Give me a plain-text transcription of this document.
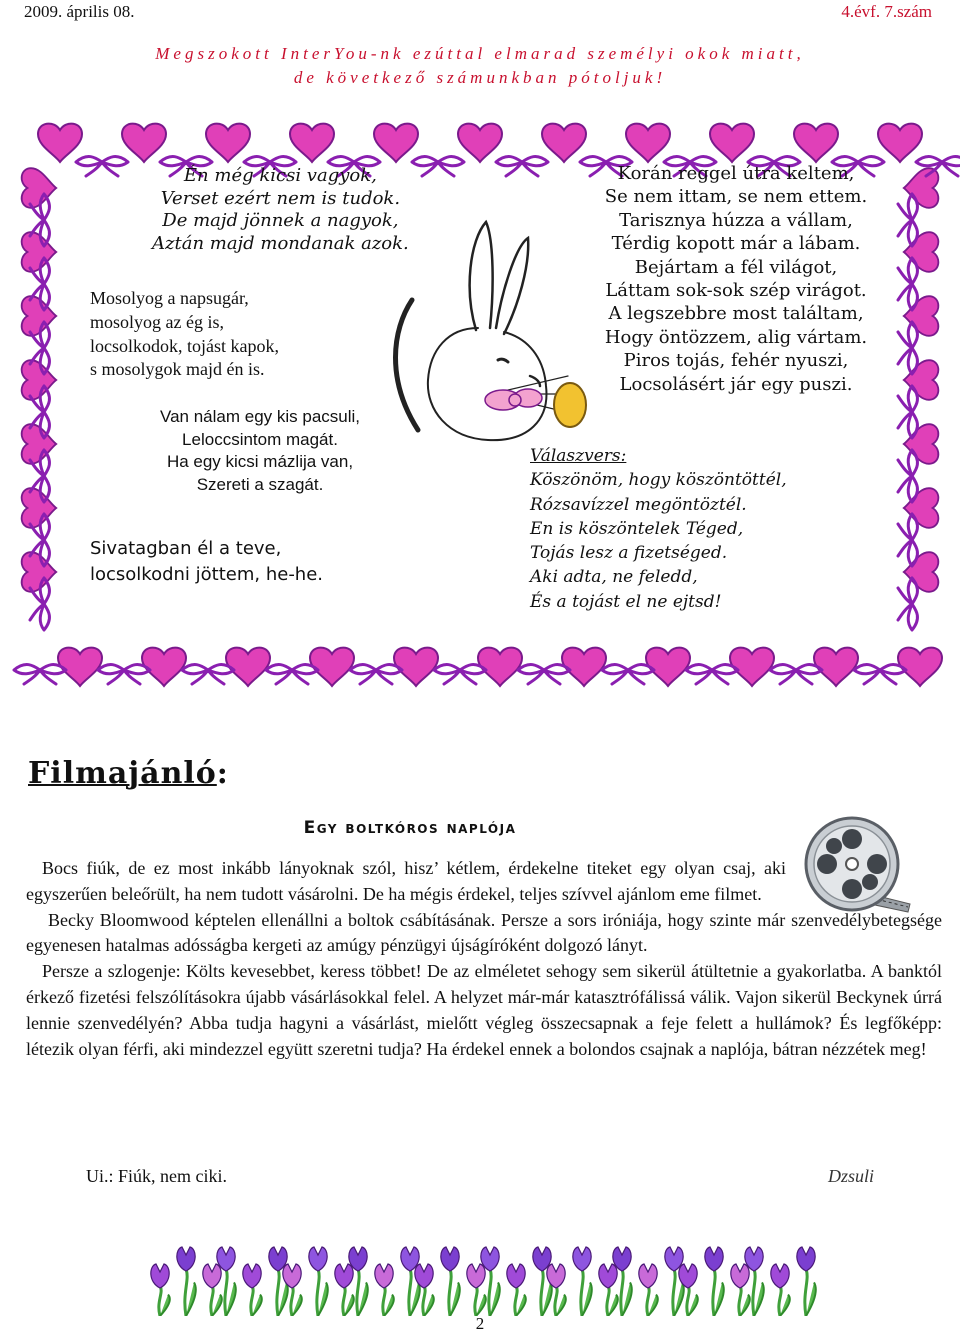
2009. április 08.	4.évf. 7.szám
Megszokott InterYou-nk ezúttal elmarad személyi okok miatt,
de következő számunkban pótoljuk!
Én még kicsi vagyok,
Verset ezért nem is tudok.
De majd jönnek a nagyok,
Aztán majd mondanak azok.
Mosolyog a napsugár,
mosolyog az ég is,
locsolkodok, tojást kapok,
s mosolygok majd én is.
Van nálam egy kis pacsuli,
Leloccsintom magát.
Ha egy kicsi mázlija van,
Szereti a szagát.
Sivatagban él a teve,
locsolkodni jöttem, he-he.
Korán reggel útra keltem,
Se nem ittam, se nem ettem.
Tarisznya húzza a vállam,
Térdig kopott már a lábam.
Bejártam a fél világot,
Láttam sok-sok szép virágot.
A legszebbre most találtam,
Hogy öntözzem, alig vártam.
Piros tojás, fehér nyuszi,
Locsolásért jár egy puszi.
Válaszvers:
Köszönöm, hogy köszöntöttél,
Rózsavízzel megöntöztél.
En is köszöntelek Téged,
Tojás lesz a fizetséged.
Aki adta, ne feledd,
És a tojást el ne ejtsd!
Filmajánló:
Egy boltkóros naplója

Bocs fiúk, de ez most inkább lányoknak szól, hisz’ kétlem, érdekelne titeket egy olyan csaj, aki egyszerűen beleőrült, ha nem tudott vásárolni. De ha mégis érdekel, teljes szívvel ajánlom eme filmet.

Becky Bloomwood képtelen ellenállni a boltok csábításának. Persze a sors iróniája, hogy szinte már szenvedélybetegsége egyenesen hatalmas adósságba kergeti az amúgy pénzügyi újságíróként dolgozó lányt.

Persze a szlogenje: Költs kevesebbet, keress többet! De az elméletet sehogy sem sikerül átültetnie a gyakorlatba. A banktól érkező fizetési felszólításokra újabb vásárlásokkal felel. A helyzet már-már katasztrófálissá válik. Vajon sikerül Beckynek úrrá lennie szenvedélyén? Abba tudja hagyni a vásárlást, mielőtt végleg összecsapnak a feje felett a hullámok? És legfőképp: létezik olyan férfi, aki mindezzel együtt szeretni tudja? Ha érdekel ennek a bolondos csajnak a naplója, bátran nézzétek meg!

Ui.: Fiúk, nem ciki.	Dzsuli
2
